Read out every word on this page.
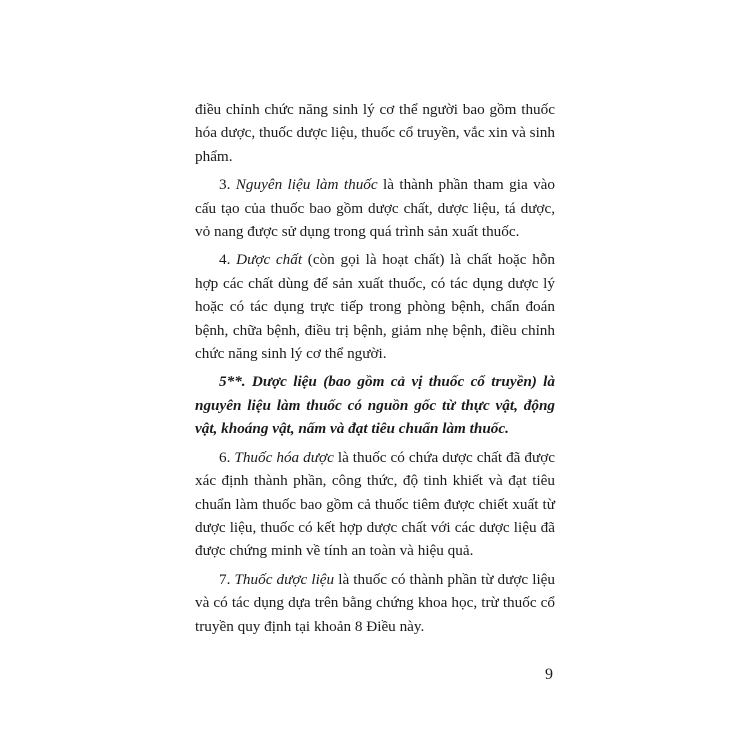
điều chỉnh chức năng sinh lý cơ thể người bao gồm thuốc hóa dược, thuốc dược liệu, thuốc cổ truyền, vắc xin và sinh phẩm.

3. Nguyên liệu làm thuốc là thành phần tham gia vào cấu tạo của thuốc bao gồm dược chất, dược liệu, tá dược, vỏ nang được sử dụng trong quá trình sản xuất thuốc.

4. Dược chất (còn gọi là hoạt chất) là chất hoặc hỗn hợp các chất dùng để sản xuất thuốc, có tác dụng dược lý hoặc có tác dụng trực tiếp trong phòng bệnh, chẩn đoán bệnh, chữa bệnh, điều trị bệnh, giảm nhẹ bệnh, điều chỉnh chức năng sinh lý cơ thể người.

5**. Dược liệu (bao gồm cả vị thuốc cổ truyền) là nguyên liệu làm thuốc có nguồn gốc từ thực vật, động vật, khoáng vật, nấm và đạt tiêu chuẩn làm thuốc.

6. Thuốc hóa dược là thuốc có chứa dược chất đã được xác định thành phần, công thức, độ tinh khiết và đạt tiêu chuẩn làm thuốc bao gồm cả thuốc tiêm được chiết xuất từ dược liệu, thuốc có kết hợp dược chất với các dược liệu đã được chứng minh về tính an toàn và hiệu quả.

7. Thuốc dược liệu là thuốc có thành phần từ dược liệu và có tác dụng dựa trên bằng chứng khoa học, trừ thuốc cổ truyền quy định tại khoản 8 Điều này.

9
